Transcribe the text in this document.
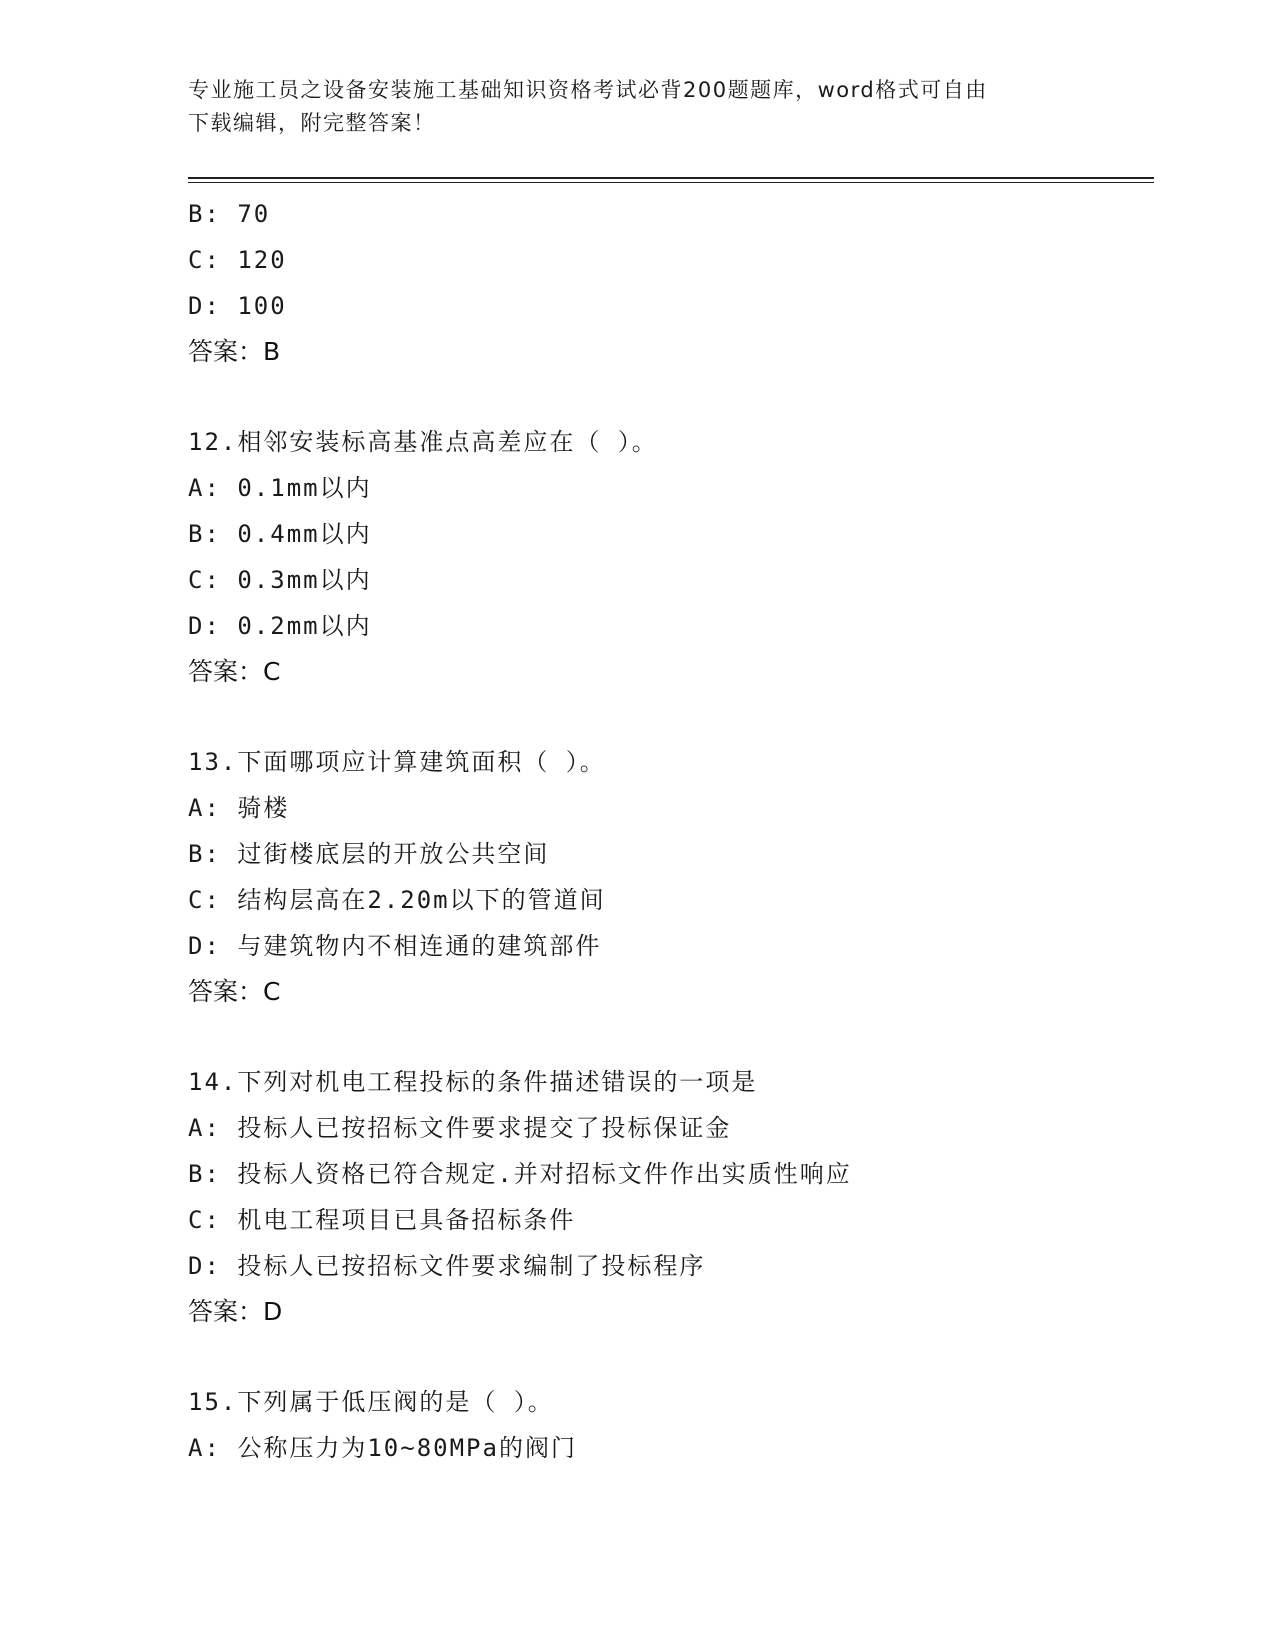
专业施工员之设备安装施工基础知识资格考试必背200题题库，word格式可自由
下载编辑，附完整答案！
B: 70
C: 120
D: 100
答案：B
12.相邻安装标高基准点高差应在（ ）。
A: 0.1mm以内
B: 0.4mm以内
C: 0.3mm以内
D: 0.2mm以内
答案：C
13.下面哪项应计算建筑面积（ ）。
A: 骑楼
B: 过街楼底层的开放公共空间
C: 结构层高在2.20m以下的管道间
D: 与建筑物内不相连通的建筑部件
答案：C
14.下列对机电工程投标的条件描述错误的一项是
A: 投标人已按招标文件要求提交了投标保证金
B: 投标人资格已符合规定.并对招标文件作出实质性响应
C: 机电工程项目已具备招标条件
D: 投标人已按招标文件要求编制了投标程序
答案：D
15.下列属于低压阀的是（ ）。
A: 公称压力为10~80MPa的阀门
